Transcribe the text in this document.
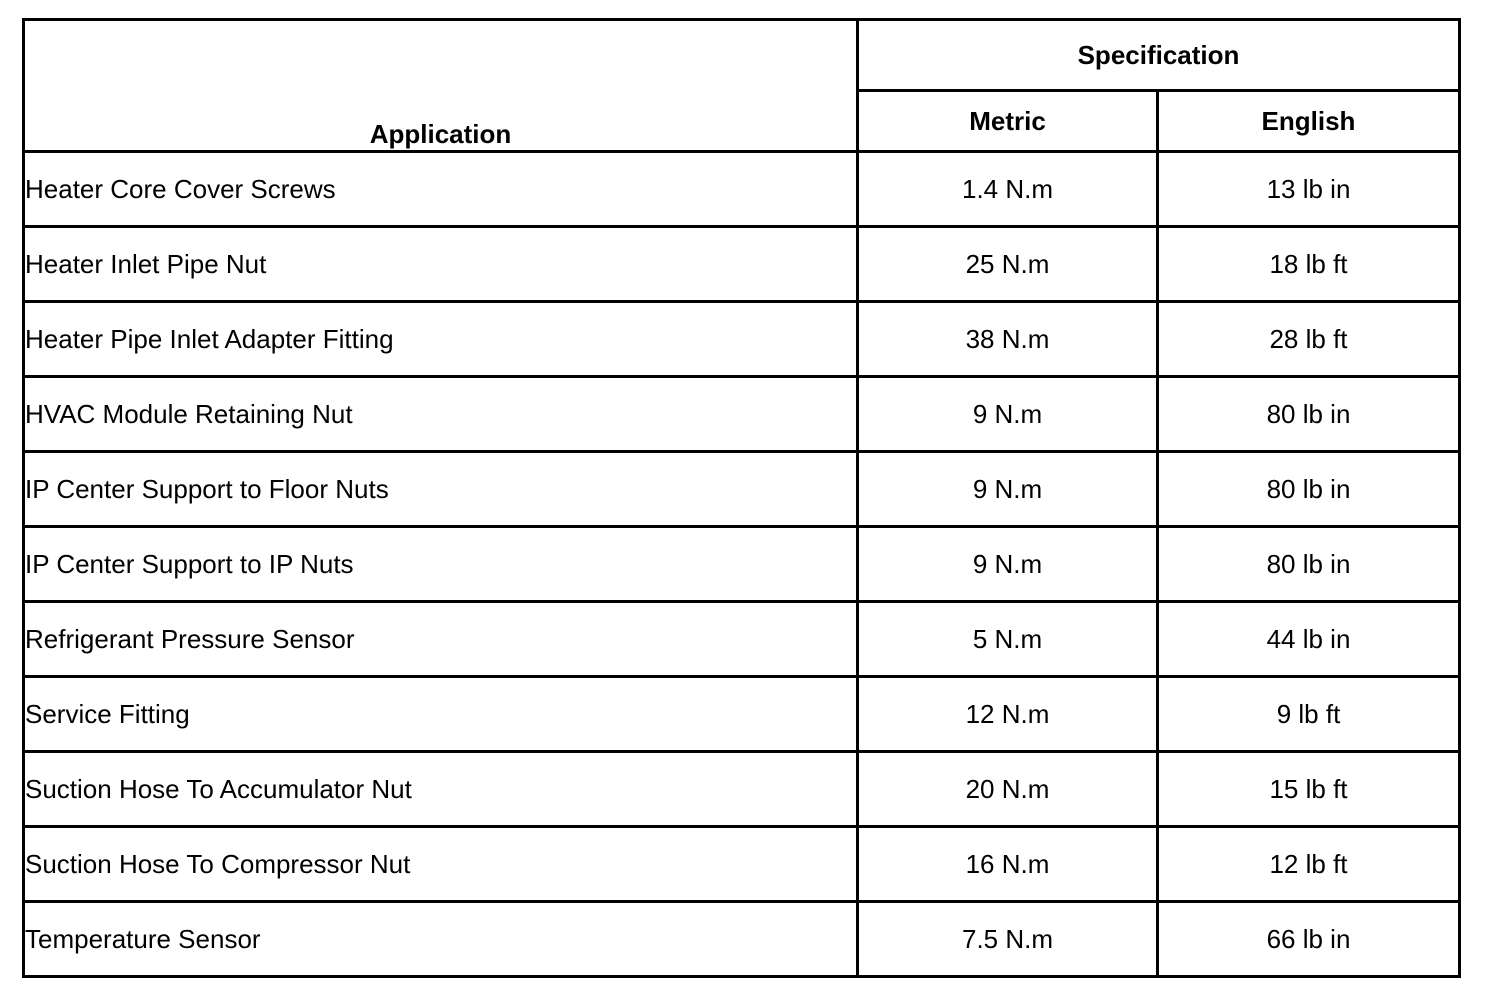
Application	Specification	
	Metric	English
Heater Core Cover Screws	1.4 N.m	13 lb in
Heater Inlet Pipe Nut	25 N.m	18 lb ft
Heater Pipe Inlet Adapter Fitting	38 N.m	28 lb ft
HVAC Module Retaining Nut	9 N.m	80 lb in
IP Center Support to Floor Nuts	9 N.m	80 lb in
IP Center Support to IP Nuts	9 N.m	80 lb in
Refrigerant Pressure Sensor	5 N.m	44 lb in
Service Fitting	12 N.m	9 lb ft
Suction Hose To Accumulator Nut	20 N.m	15 lb ft
Suction Hose To Compressor Nut	16 N.m	12 lb ft
Temperature Sensor	7.5 N.m	66 lb in
